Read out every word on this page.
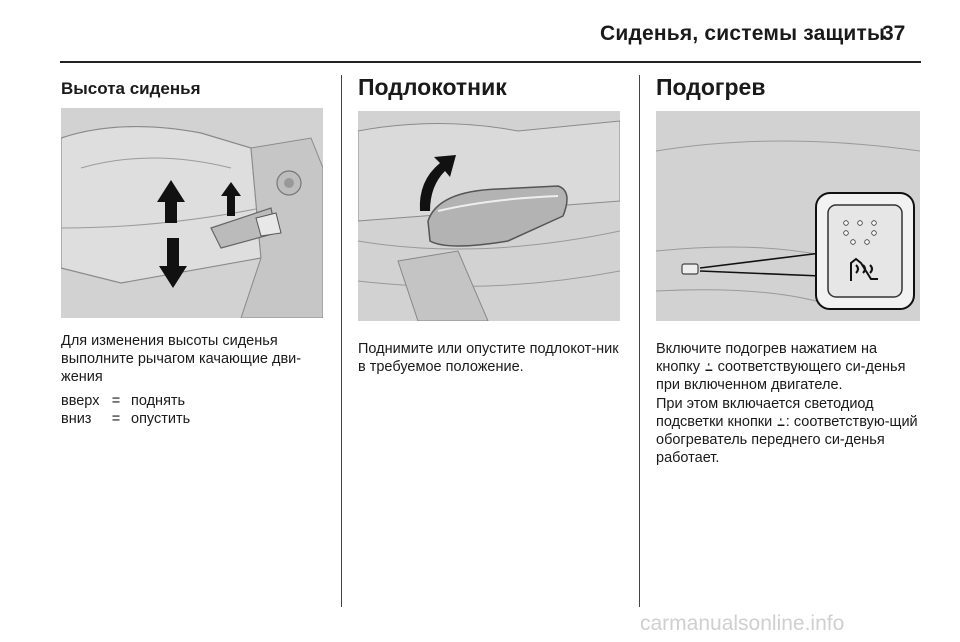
Сиденья, системы защиты
37
Высота сиденья

Для изменения высоты сиденья выполните рычагом качающие дви-жения

вверх = поднять
вниз	= опустить
Подлокотник

Поднимите или опустите подлокот-ник в требуемое положение.

Подогрев

Включите подогрев нажатием на кнопку ߑ соответствующего си-денья при включенном двигателе.

При этом включается светодиод подсветки кнопки ߑ: соответствую-щий обогреватель переднего си-денья работает.

carmanualsonline.info
